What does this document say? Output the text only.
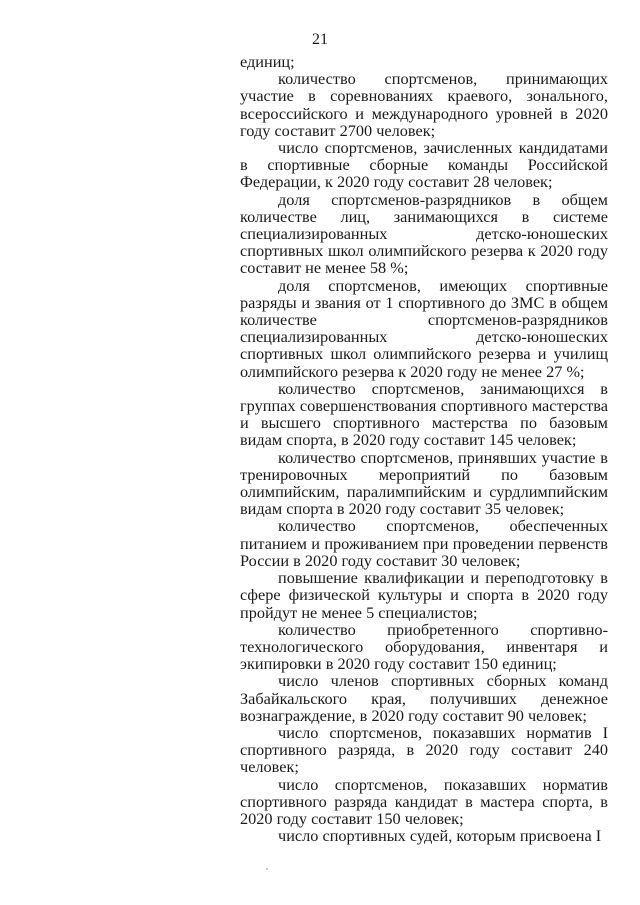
21

единиц;

количество спортсменов, принимающих участие в соревнованиях краевого, зонального, всероссийского и международного уровней в 2020 году составит 2700 человек;

число спортсменов, зачисленных кандидатами в спортивные сборные команды Российской Федерации, к 2020 году составит 28 человек;

доля спортсменов-разрядников в общем количестве лиц, занимающихся в системе специализированных детско-юношеских спортивных школ олимпийского резерва к 2020 году составит не менее 58 %;

доля спортсменов, имеющих спортивные разряды и звания от 1 спортивного до ЗМС в общем количестве спортсменов-разрядников специализированных детско-юношеских спортивных школ олимпийского резерва и училищ олимпийского резерва к 2020 году не менее 27 %;

количество спортсменов, занимающихся в группах совершенствования спортивного мастерства и высшего спортивного мастерства по базовым видам спорта, в 2020 году составит 145 человек;

количество спортсменов, принявших участие в тренировочных мероприятий по базовым олимпийским, паралимпийским и сурдлимпийским видам спорта в 2020 году составит 35 человек;

количество спортсменов, обеспеченных питанием и проживанием при проведении первенств России в 2020 году составит 30 человек;

повышение квалификации и переподготовку в сфере физической культуры и спорта в 2020 году пройдут не менее 5 специалистов;

количество приобретенного спортивно-технологического оборудования, инвентаря и экипировки в 2020 году составит 150 единиц;

число членов спортивных сборных команд Забайкальского края, получивших денежное вознаграждение, в 2020 году составит 90 человек;

число спортсменов, показавших норматив I спортивного разряда, в 2020 году составит 240 человек;

число спортсменов, показавших норматив спортивного разряда кандидат в мастера спорта, в 2020 году составит 150 человек;

число спортивных судей, которым присвоена I
